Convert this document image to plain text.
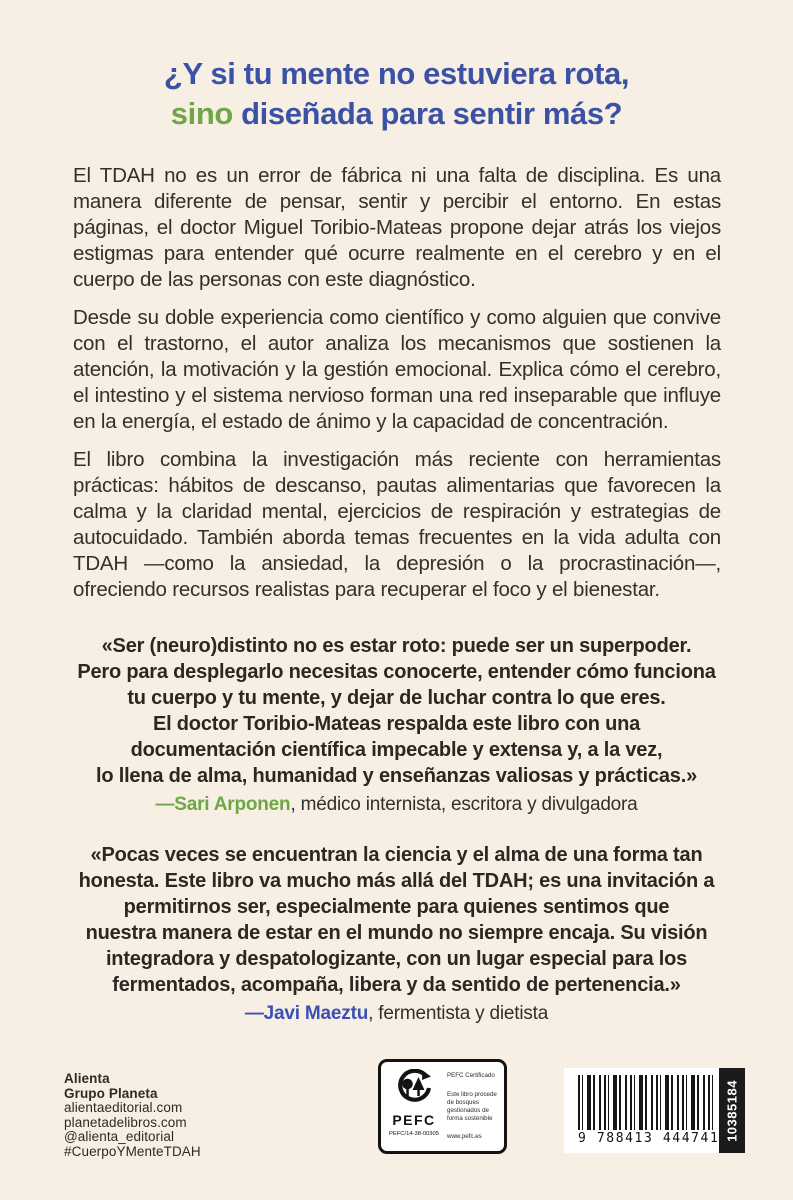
¿Y si tu mente no estuviera rota,
sino diseñada para sentir más?

El TDAH no es un error de fábrica ni una falta de disciplina. Es una manera diferente de pensar, sentir y percibir el entorno. En estas páginas, el doctor Miguel Toribio-Mateas propone dejar atrás los viejos estigmas para entender qué ocurre realmente en el cerebro y en el cuerpo de las personas con este diagnóstico.

Desde su doble experiencia como científico y como alguien que convive con el trastorno, el autor analiza los mecanismos que sostienen la atención, la motivación y la gestión emocional. Explica cómo el cerebro, el intestino y el sistema nervioso forman una red inseparable que influye en la energía, el estado de ánimo y la capacidad de concentración.

El libro combina la investigación más reciente con herramientas prácticas: hábitos de descanso, pautas alimentarias que favorecen la calma y la claridad mental, ejercicios de respiración y estrategias de autocuidado. También aborda temas frecuentes en la vida adulta con TDAH —como la ansiedad, la depresión o la procrastinación—, ofreciendo recursos realistas para recuperar el foco y el bienestar.

«Ser (neuro)distinto no es estar roto: puede ser un superpoder.
Pero para desplegarlo necesitas conocerte, entender cómo funciona
tu cuerpo y tu mente, y dejar de luchar contra lo que eres.
El doctor Toribio-Mateas respalda este libro con una
documentación científica impecable y extensa y, a la vez,
lo llena de alma, humanidad y enseñanzas valiosas y prácticas.»
—Sari Arponen, médico internista, escritora y divulgadora
«Pocas veces se encuentran la ciencia y el alma de una forma tan
honesta. Este libro va mucho más allá del TDAH; es una invitación a
permitirnos ser, especialmente para quienes sentimos que
nuestra manera de estar en el mundo no siempre encaja. Su visión
integradora y despatologizante, con un lugar especial para los
fermentados, acompaña, libera y da sentido de pertenencia.»
—Javi Maeztu, fermentista y dietista
Alienta
Grupo Planeta
alientaeditorial.com
planetadelibros.com
@alienta_editorial
#CuerpoYMenteTDAH
PEFC
PEFC/14-38-00305
PEFC Certificado
Este libro procede de bosques gestionados de forma sostenible
www.pefc.es	9 788413 444741 10385184
